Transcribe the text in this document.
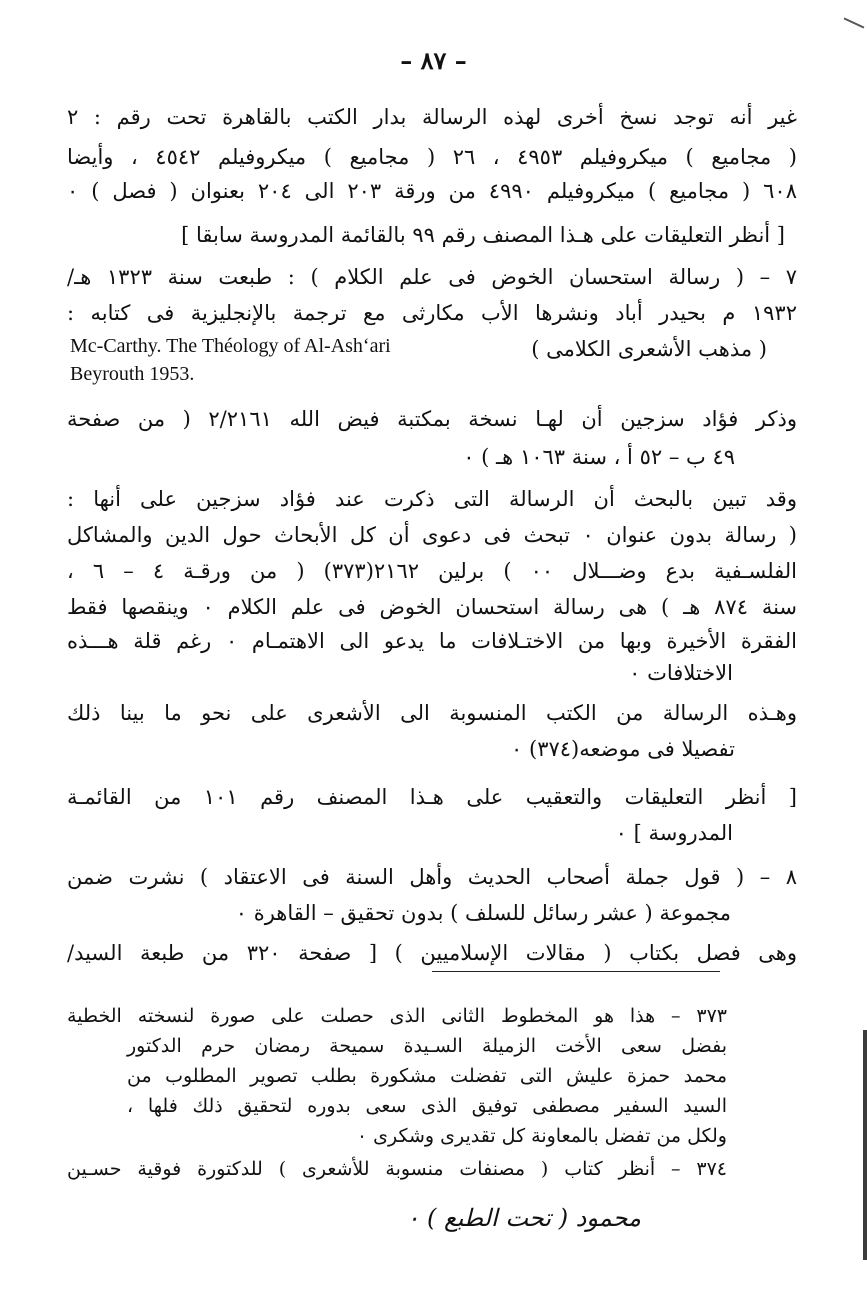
– ٨٧ –
غير أنه توجد نسخ أخرى لهذه الرسالة بدار الكتب بالقاهرة تحت رقم : ٢
( مجاميع ) ميكروفيلم ٤٩٥٣ ، ٢٦ ( مجاميع ) ميكروفيلم ٤٥٤٢ ، وأيضا
٦٠٨ ( مجاميع ) ميكروفيلم ٤٩٩٠ من ورقة ٢٠٣ الى ٢٠٤ بعنوان ( فصل ) ٠
[ أنظر التعليقات على هـذا المصنف رقم ٩٩ بالقائمة المدروسة سابقا ]
٧ – ( رسالة استحسان الخوض فى علم الكلام ) : طبعت سنة ١٣٢٣ هـ/
١٩٣٢ م بحيدر أباد ونشرها الأب مكارثى مع ترجمة بالإنجليزية فى كتابه :
( مذهب الأشعرى الكلامى )
Mc-Carthy. The Théology of Al-Ash‘ari
Beyrouth 1953.
وذكر فؤاد سزجين أن لهـا نسخة بمكتبة فيض الله ٢/٢١٦١ ( من صفحة
٤٩ ب – ٥٢ أ ، سنة ١٠٦٣ هـ ) ٠
وقد تبين بالبحث أن الرسالة التى ذكرت عند فؤاد سزجين على أنها :
( رسالة بدون عنوان ٠ تبحث فى دعوى أن كل الأبحاث حول الدين والمشاكل
الفلسـفية بدع وضـــلال ٠٠ ) برلين ٢١٦٢(٣٧٣) ( من ورقـة ٤ – ٦ ،
سنة ٨٧٤ هـ ) هى رسالة استحسان الخوض فى علم الكلام ٠ وينقصها فقط
الفقرة الأخيرة وبها من الاختـلافات ما يدعو الى الاهتمـام ٠ رغم قلة هـــذه
الاختلافات ٠
وهـذه الرسالة من الكتب المنسوبة الى الأشعرى على نحو ما بينا ذلك
تفصيلا فى موضعه(٣٧٤) ٠
[ أنظر التعليقات والتعقيب على هـذا المصنف رقم ١٠١ من القائمـة
المدروسة ] ٠
٨ – ( قول جملة أصحاب الحديث وأهل السنة فى الاعتقاد ) نشرت ضمن
مجموعة ( عشر رسائل للسلف ) بدون تحقيق – القاهرة ٠
وهى فصل بكتاب ( مقالات الإسلاميين ) [ صفحة ٣٢٠ من طبعة السيد/
٣٧٣ – هذا هو المخطوط الثانى الذى حصلت على صورة لنسخته الخطية
بفضل سعى الأخت الزميلة السـيدة سميحة رمضان حرم الدكتور
محمد حمزة عليش التى تفضلت مشكورة بطلب تصوير المطلوب من
السيد السفير مصطفى توفيق الذى سعى بدوره لتحقيق ذلك فلها ،
ولكل من تفضل بالمعاونة كل تقديرى وشكرى ٠
٣٧٤ – أنظر كتاب ( مصنفات منسوبة للأشعرى ) للدكتورة فوقية حسـين
محمود ( تحت الطبع ) ٠
